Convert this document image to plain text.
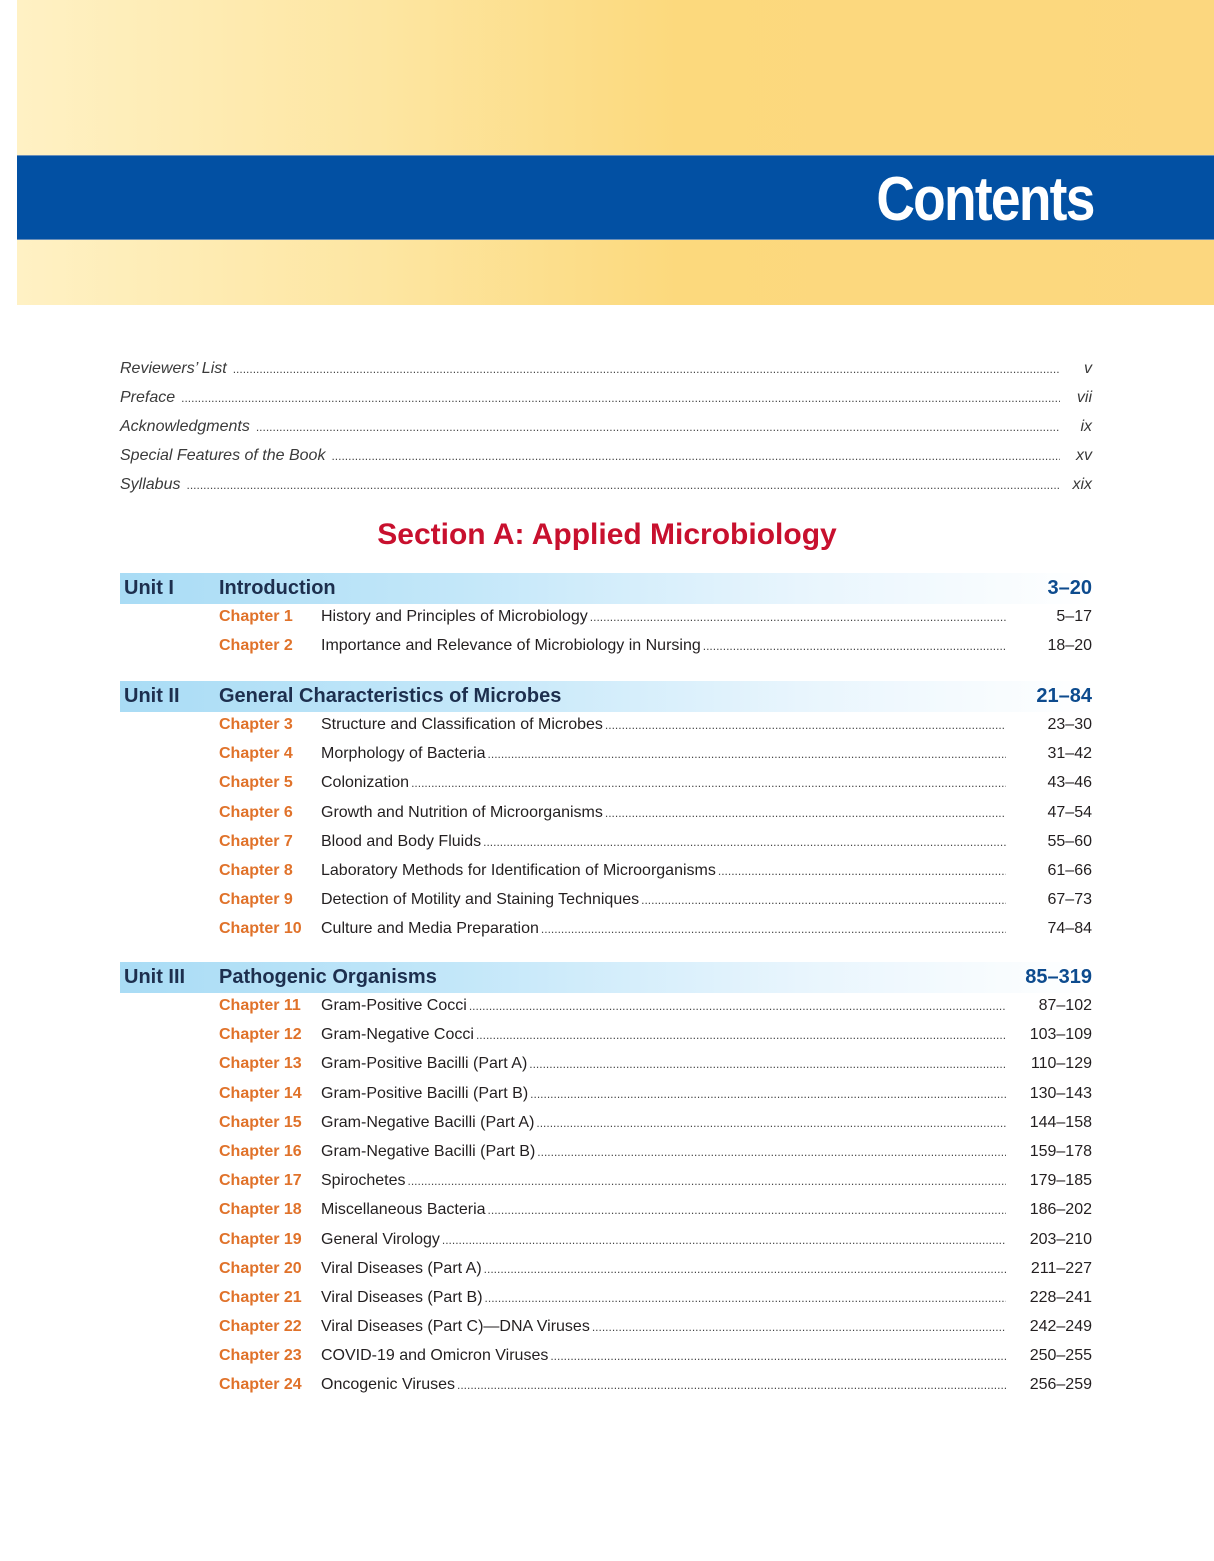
Contents
Reviewers’ List .....	v
Preface .....	vii
Acknowledgments .....	ix
Special Features of the Book .....	xv
Syllabus .....	xix
Section A: Applied Microbiology
Unit I	Introduction	3–20
Chapter 1	History and Principles of Microbiology .....	5–17
Chapter 2	Importance and Relevance of Microbiology in Nursing .....	18–20
Unit II	General Characteristics of Microbes	21–84
Chapter 3	Structure and Classification of Microbes .....	23–30
Chapter 4	Morphology of Bacteria .....	31–42
Chapter 5	Colonization .....	43–46
Chapter 6	Growth and Nutrition of Microorganisms .....	47–54
Chapter 7	Blood and Body Fluids .....	55–60
Chapter 8	Laboratory Methods for Identification of Microorganisms .....	61–66
Chapter 9	Detection of Motility and Staining Techniques .....	67–73
Chapter 10	Culture and Media Preparation .....	74–84
Unit III	Pathogenic Organisms	85–319
Chapter 11	Gram-Positive Cocci .....	87–102
Chapter 12	Gram-Negative Cocci .....	103–109
Chapter 13	Gram-Positive Bacilli (Part A) .....	110–129
Chapter 14	Gram-Positive Bacilli (Part B) .....	130–143
Chapter 15	Gram-Negative Bacilli (Part A) .....	144–158
Chapter 16	Gram-Negative Bacilli (Part B) .....	159–178
Chapter 17	Spirochetes .....	179–185
Chapter 18	Miscellaneous Bacteria .....	186–202
Chapter 19	General Virology .....	203–210
Chapter 20	Viral Diseases (Part A) .....	211–227
Chapter 21	Viral Diseases (Part B) .....	228–241
Chapter 22	Viral Diseases (Part C)—DNA Viruses .....	242–249
Chapter 23	COVID-19 and Omicron Viruses .....	250–255
Chapter 24	Oncogenic Viruses .....	256–259
